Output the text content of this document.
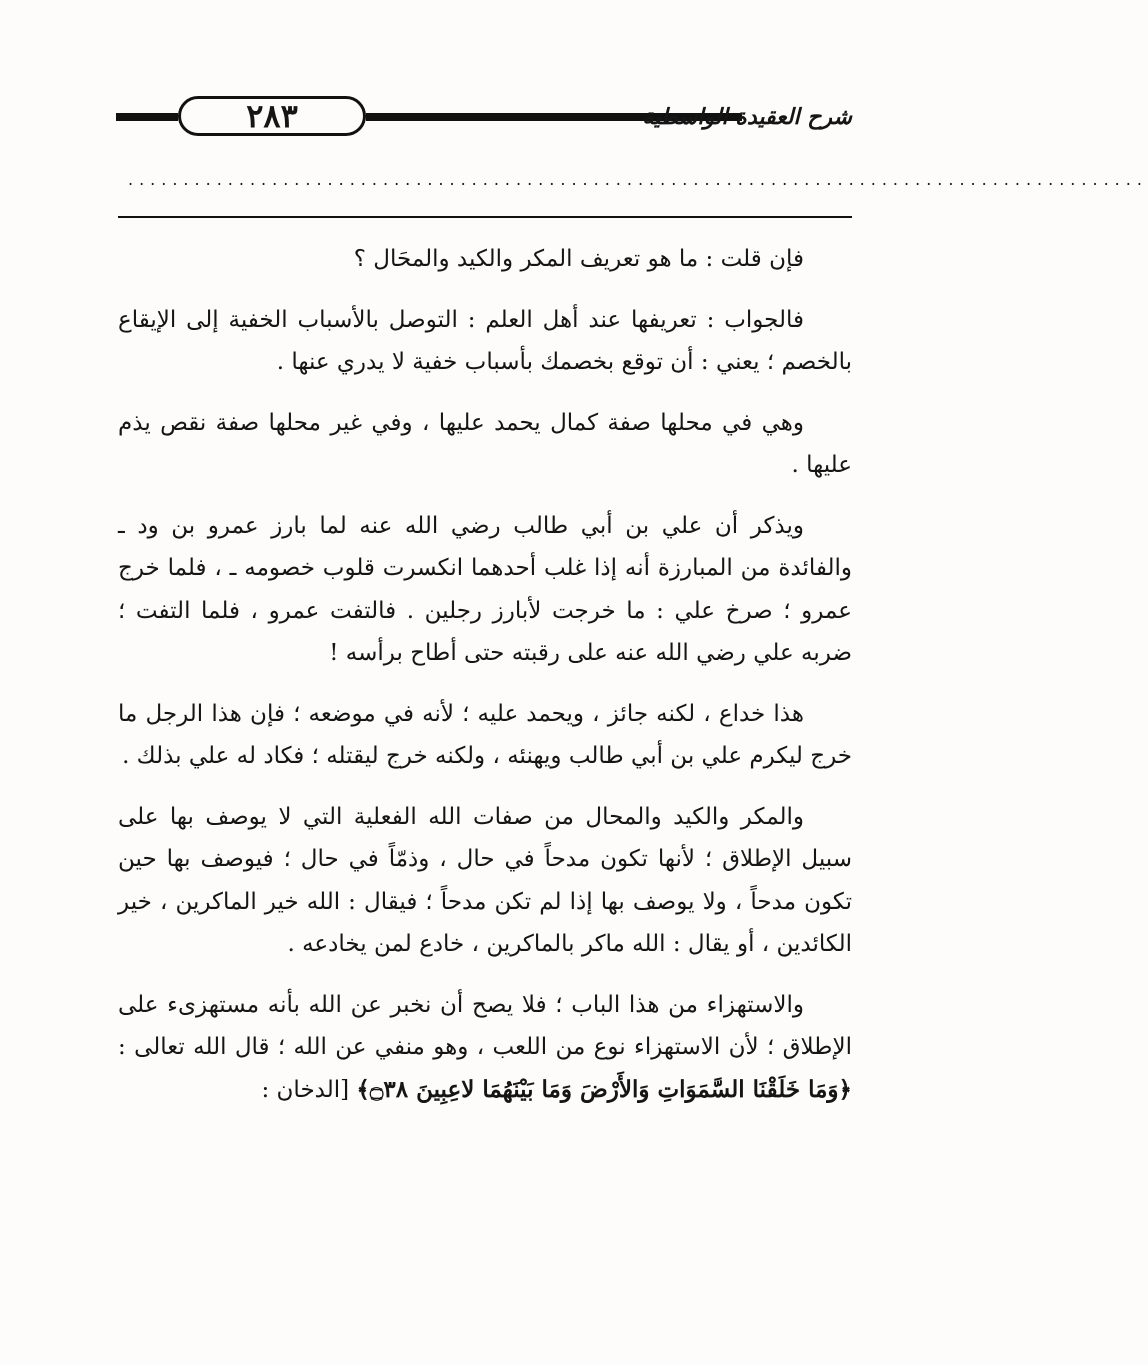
٢٨٣	شرح العقيدة الواسطية
............................................................................................

فإن قلت : ما هو تعريف المكر والكيد والمحَال ؟

فالجواب : تعريفها عند أهل العلم : التوصل بالأسباب الخفية إلى الإيقاع بالخصم ؛ يعني : أن توقع بخصمك بأسباب خفية لا يدري عنها .

وهي في محلها صفة كمال يحمد عليها ، وفي غير محلها صفة نقص يذم عليها .

ويذكر أن علي بن أبي طالب رضي الله عنه لما بارز عمرو بن ود ـ والفائدة من المبارزة أنه إذا غلب أحدهما انكسرت قلوب خصومه ـ ، فلما خرج عمرو ؛ صرخ علي : ما خرجت لأبارز رجلين . فالتفت عمرو ، فلما التفت ؛ ضربه علي رضي الله عنه على رقبته حتى أطاح برأسه !

هذا خداع ، لكنه جائز ، ويحمد عليه ؛ لأنه في موضعه ؛ فإن هذا الرجل ما خرج ليكرم علي بن أبي طالب ويهنئه ، ولكنه خرج ليقتله ؛ فكاد له علي بذلك .

والمكر والكيد والمحال من صفات الله الفعلية التي لا يوصف بها على سبيل الإطلاق ؛ لأنها تكون مدحاً في حال ، وذمّاً في حال ؛ فيوصف بها حين تكون مدحاً ، ولا يوصف بها إذا لم تكن مدحاً ؛ فيقال : الله خير الماكرين ، خير الكائدين ، أو يقال : الله ماكر بالماكرين ، خادع لمن يخادعه .

والاستهزاء من هذا الباب ؛ فلا يصح أن نخبر عن الله بأنه مستهزىء على الإطلاق ؛ لأن الاستهزاء نوع من اللعب ، وهو منفي عن الله ؛ قال الله تعالى : ﴿وَمَا خَلَقْنَا السَّمَوَاتِ وَالأَرْضَ وَمَا بَيْنَهُمَا لاعِبِينَ ۝٣٨﴾ [الدخان :
